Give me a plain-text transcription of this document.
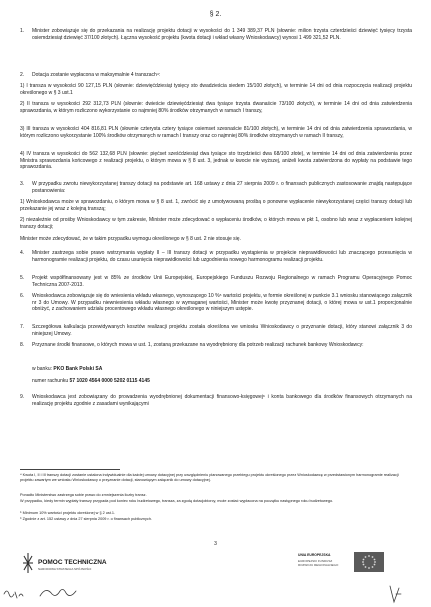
§ 2.
1. Minister zobowiązuje się do przekazania na realizację projektu dotacji w wysokości do 1 349 389,37 PLN (słownie: milion trzysta czterdzieści dziewięć tysięcy trzysta osiemdziesiąt dziewięć 37/100 złotych). Łączna wysokość projektu (kwota dotacji i wkład własny Wnioskodawcy) wynosi 1 499 321,52 PLN.
2. Dotacja zostanie wypłacona w maksymalnie 4 transzach⁴:
1) I transza w wysokości 90 127,15 PLN (słownie: dziewięćdziesiąt tysięcy sto dwadzieścia siedem 15/100 złotych), w terminie 14 dni od dnia rozpoczęcia realizacji projektu określonego w § 3 ust.1
2) II transza w wysokości 292 312,73 PLN (słownie: dwieście dziewięćdziesiąt dwa tysiące trzysta dwanaście 73/100 złotych), w terminie 14 dni od dnia zatwierdzenia sprawozdania, w którym rozliczono wykorzystanie co najmniej 80% środków otrzymanych w ramach I transzy,
3) III transza w wysokości 404 816,81 PLN (słownie czterysta cztery tysiące osiemset szesnaście 81/100 złotych), w terminie 14 dni od dnia zatwierdzenia sprawozdania, w którym rozliczono wykorzystanie 100% środków otrzymanych w ramach I transzy oraz co najmniej 80% środków otrzymanych w ramach II transzy,
4) IV transza w wysokości do 562 132,68 PLN (słownie: pięćset sześćdziesiąt dwa tysiące sto trzydzieści dwa 68/100 złote), w terminie 14 dni od dnia zatwierdzenia przez Ministra sprawozdania końcowego z realizacji projektu, o którym mowa w § 8 ust. 3, jednak w kwocie nie wyższej, aniżeli kwota zatwierdzona do wypłaty na podstawie tego sprawozdania.
3. W przypadku zwrotu niewykorzystanej transzy dotacji na podstawie art. 168 ustawy z dnia 27 sierpnia 2009 r. o finansach publicznych zastosowanie znajdą następujące postanowienia:
1) Wnioskodawca może w sprawozdaniu, o którym mowa w § 8 ust. 1, zwrócić się z umotywowaną prośbą o ponowne wypłacenie niewykorzystanej części transzy dotacji lub przekazanie jej wraz z kolejną transzą;
2) niezależnie od prośby Wnioskodawcy w tym zakresie, Minister może zdecydować o wypłaceniu środków, o których mowa w pkt 1, osobno lub wraz z wypłaceniem kolejnej transzy dotacji;
Minister może zdecydować, że w takim przypadku wymogu określonego w § 8 ust. 2 nie stosuje się.
4. Minister zastrzega sobie prawo wstrzymania wypłaty II – III transzy dotacji w przypadku wystąpienia w projekcie nieprawidłowości lub znaczącego przesunięcia w harmonogramie realizacji projektu, do czasu usunięcia nieprawidłowości lub uzgodnienia nowego harmonogramu realizacji projektu.
5. Projekt współfinansowany jest w 85% ze środków Unii Europejskiej, Europejskiego Funduszu Rozwoju Regionalnego w ramach Programu Operacyjnego Pomoc Techniczna 2007-2013.
6. Wnioskodawca zobowiązuje się do wniesienia wkładu własnego, wynoszącego 10 %⁵ wartości projektu, w formie określonej w punkcie 3.1 wniosku stanowiącego załącznik nr 3 do Umowy. W przypadku niewniesienia wkładu własnego w wymaganej wartości, Minister może kwotę przyznanej dotacji, o której mowa w ust.1 proporcjonalnie obniżyć, z zachowaniem udziału procentowego wkładu własnego określonego w niniejszym ustępie.
7. Szczegółowa kalkulacja przewidywanych kosztów realizacji projektu została określona we wniosku Wnioskodawcy o przyznanie dotacji, który stanowi załącznik 3 do niniejszej Umowy.
8. Przyznane środki finansowe, o których mowa w ust. 1, zostaną przekazane na wyodrębniony dla potrzeb realizacji rachunek bankowy Wnioskodawcy:
w banku: PKO Bank Polski SA
numer rachunku 57 1020 4564 0000 5202 0115 4145
9. Wnioskodawca jest zobowiązany do prowadzenia wyodrębnionej dokumentacji finansowo-księgowej⁶ i konta bankowego dla środków finansowych otrzymanych na realizację projektu zgodnie z zasadami wynikającymi
⁴ Kwota I, II i III transzy dotacji zostanie ustalona indywidualnie dla każdej umowy dotacyjnej przy uwzględnieniu planowanego przebiegu projektu określonego przez Wnioskodawcę w przedstawionym harmonogramie realizacji projektu zawartym we wniosku Wnioskodawcy o przyznanie dotacji, stanowiącym załącznik do umowy dotacyjnej.
Ponadto Ministerstwo zastrzega sobie prawo do zmniejszenia liczby transz.
W przypadku, kiedy termin wypłaty transzy przypada pod koniec roku budżetowego, transza, za zgodą dotacjobiorcy, może zostać wypłacona na początku następnego roku budżetowego.
⁵ Minimum 10% wartości projektu określonej w § 2 ust.1.
⁶ Zgodnie z art. 152 ustawy z dnia 27 sierpnia 2009 r. o finansach publicznych.
3
POMOC TECHNICZNA
NARODOWA STRATEGIA SPÓJNOŚCI
UNIA EUROPEJSKA
EUROPEJSKI FUNDUSZ
ROZWOJU REGIONALNEGO
